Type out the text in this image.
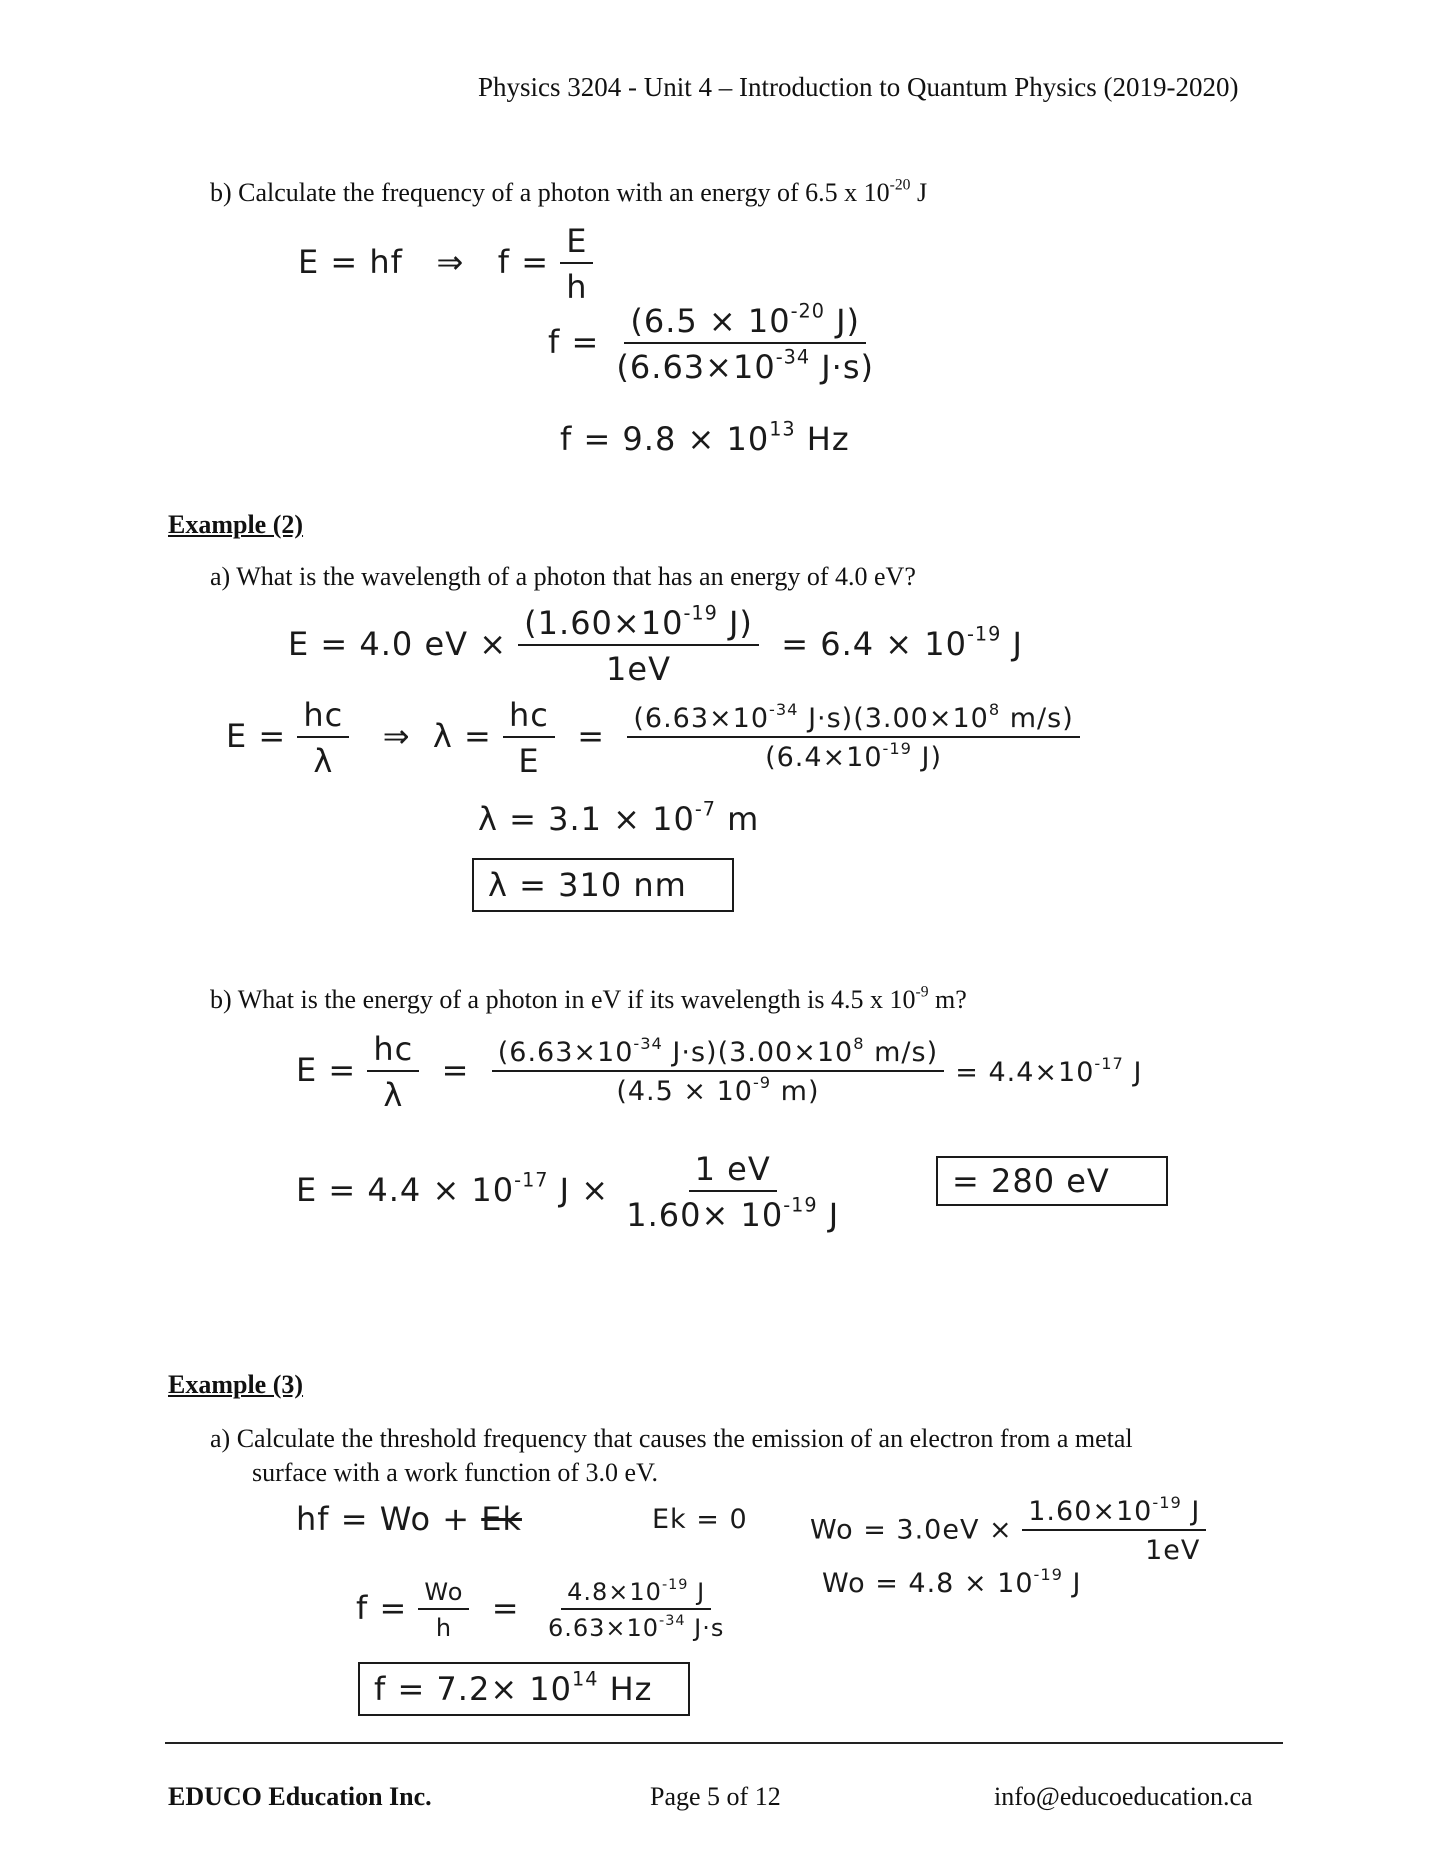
Physics 3204 - Unit 4 – Introduction to Quantum Physics (2019-2020)
b) Calculate the frequency of a photon with an energy of 6.5 x $10^{-20}$ J
E = hf ⇒ $f = \frac{E}{h}$
$f = \frac{(6.5 \times 10^{-20} J)}{(6.63\times 10^{-34} J\cdot s)}$
$f = 9.8 \times 10^{13}$ Hz
Example (2)
a) What is the wavelength of a photon that has an energy of 4.0 eV?
E = 4.0 eV × $\frac{(1.60\times 10^{-19} J)}{1eV} = 6.4 \times 10^{-19}$ J
$E = \frac{hc}{\lambda}$ ⇒ $\lambda = \frac{hc}{E} = \frac{(6.63\times 10^{-34} J\cdot s)(3.00\times 10^8 m/s)}{(6.4\times 10^{-19} J)}$
$\lambda = 3.1 \times 10^{-7}$ m
λ = 310 nm
b) What is the energy of a photon in eV if its wavelength is 4.5 x $10^{-9}$ m?
$E = \frac{hc}{\lambda} = \frac{(6.63\times 10^{-34} J\cdot s)(3.00\times 10^8 m/s)}{(4.5 \times 10^{-9} m)} = 4.4\times 10^{-17}$ J
$E = 4.4 \times 10^{-17}$ $J \times \frac{1 eV}{1.60\times 10^{-19} J}$	= 280 eV
Example (3)
a) Calculate the threshold frequency that causes the emission of an electron from a metal
surface with a work function of 3.0 eV.
hf = Wo + Ek	Ek = 0 $Wo = 3.0eV \times \frac{1.60\times 10^{-19} J}{1eV}$
$Wo = 4.8 \times 10^{-19}$ J
$f = \frac{Wo}{h} = \frac{4.8\times 10^{-19} J}{6.63\times 10^{-34} J\cdot s}$
$f = 7.2\times 10^{14}$ Hz
EDUCO Education Inc.	Page 5 of 12	info@educoeducation.ca
